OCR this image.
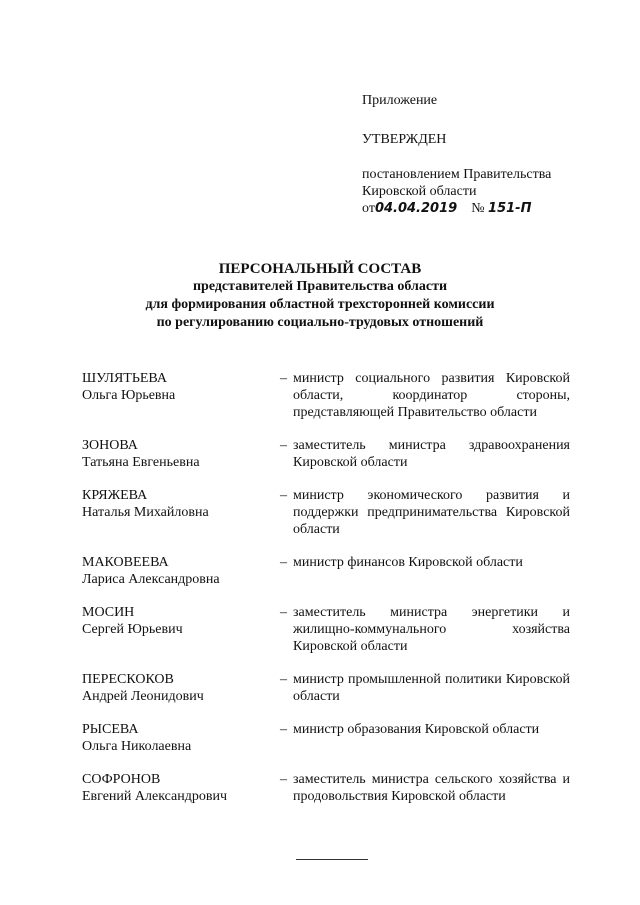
Приложение
УТВЕРЖДЕН
постановлением Правительства
Кировской области
от04.04.2019 № 151-П
ПЕРСОНАЛЬНЫЙ СОСТАВ
представителей Правительства области
для формирования областной трехсторонней комиссии
по регулированию социально-трудовых отношений
ШУЛЯТЬЕВА
Ольга Юрьевна
– министр социального развития Кировской области, координатор стороны, представляющей Правительство области
ЗОНОВА
Татьяна Евгеньевна
– заместитель министра здравоохранения Кировской области
КРЯЖЕВА
Наталья Михайловна
– министр экономического развития и поддержки предпринимательства Кировской области
МАКОВЕЕВА
Лариса Александровна
– министр финансов Кировской области
МОСИН
Сергей Юрьевич
– заместитель министра энергетики и жилищно-коммунального хозяйства Кировской области
ПЕРЕСКОКОВ
Андрей Леонидович
– министр промышленной политики Кировской области
РЫСЕВА
Ольга Николаевна
– министр образования Кировской области
СОФРОНОВ
Евгений Александрович
– заместитель министра сельского хозяйства и продовольствия Кировской области
